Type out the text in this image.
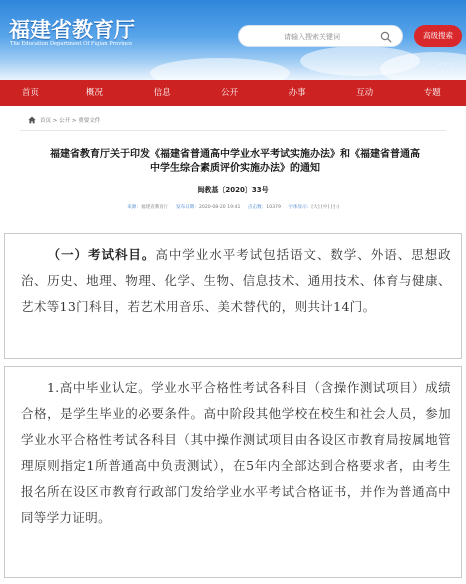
˅ ˅
˅ ˅ ˅
福建省教育厅
The Education Department Of Fujian Province
请输入搜索关键词
高级搜索
首页	概况	信息	公开	办事	互动	专题
首页 > 公开 > 重要文件
福建省教育厅关于印发《福建省普通高中学业水平考试实施办法》和《福建省普通高
中学生综合素质评价实施办法》的通知
闽教基〔2020〕33号
来源：福建省教育厅 发布日期：2020-08-20 19:41 点击数：10379 字体显示：[大] [中] [小]

（一）考试科目。高中学业水平考试包括语文、数学、外语、思想政治、历史、地理、物理、化学、生物、信息技术、通用技术、体育与健康、艺术等13门科目，若艺术用音乐、美术替代的，则共计14门。

1.高中毕业认定。学业水平合格性考试各科目（含操作测试项目）成绩合格，是学生毕业的必要条件。高中阶段其他学校在校生和社会人员，参加学业水平合格性考试各科目（其中操作测试项目由各设区市教育局按属地管理原则指定1所普通高中负责测试），在5年内全部达到合格要求者，由考生报名所在设区市教育行政部门发给学业水平考试合格证书，并作为普通高中同等学力证明。
